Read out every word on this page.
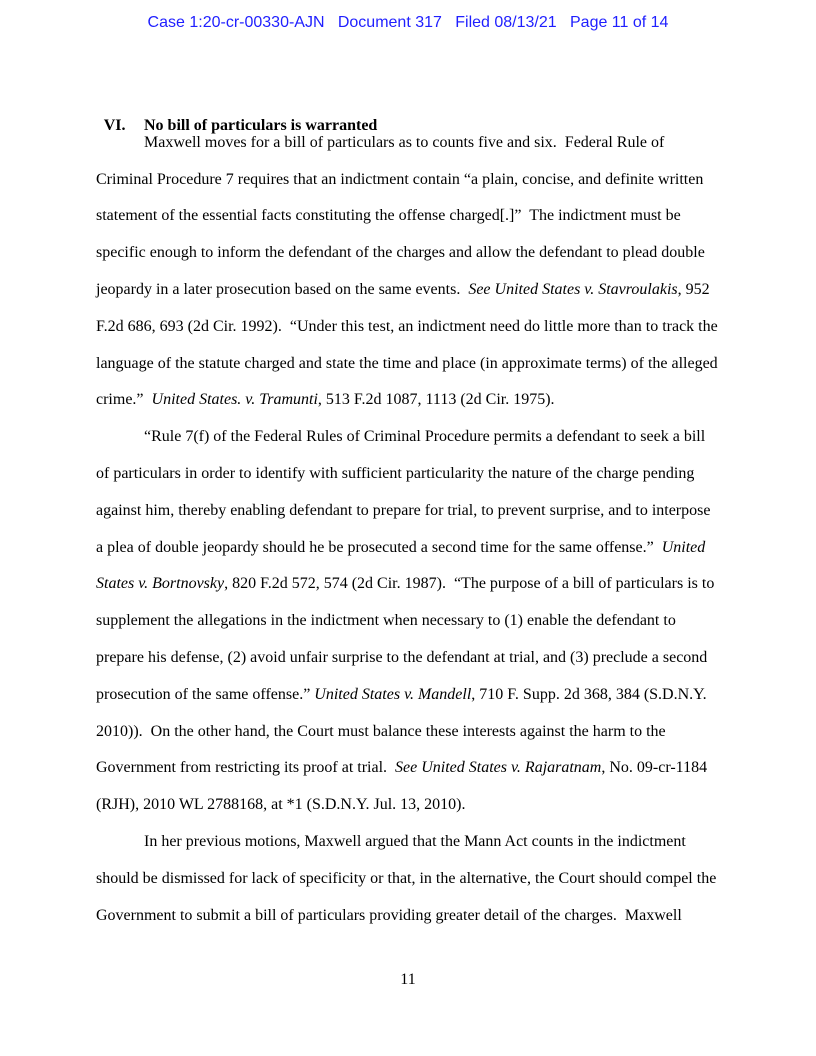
Case 1:20-cr-00330-AJN   Document 317   Filed 08/13/21   Page 11 of 14

VI. No bill of particulars is warranted

Maxwell moves for a bill of particulars as to counts five and six.  Federal Rule of
Criminal Procedure 7 requires that an indictment contain “a plain, concise, and definite written
statement of the essential facts constituting the offense charged[.]”  The indictment must be
specific enough to inform the defendant of the charges and allow the defendant to plead double
jeopardy in a later prosecution based on the same events.  See United States v. Stavroulakis, 952
F.2d 686, 693 (2d Cir. 1992).  “Under this test, an indictment need do little more than to track the
language of the statute charged and state the time and place (in approximate terms) of the alleged
crime.”  United States. v. Tramunti, 513 F.2d 1087, 1113 (2d Cir. 1975).
“Rule 7(f) of the Federal Rules of Criminal Procedure permits a defendant to seek a bill
of particulars in order to identify with sufficient particularity the nature of the charge pending
against him, thereby enabling defendant to prepare for trial, to prevent surprise, and to interpose
a plea of double jeopardy should he be prosecuted a second time for the same offense.”  United
States v. Bortnovsky, 820 F.2d 572, 574 (2d Cir. 1987).  “The purpose of a bill of particulars is to
supplement the allegations in the indictment when necessary to (1) enable the defendant to
prepare his defense, (2) avoid unfair surprise to the defendant at trial, and (3) preclude a second
prosecution of the same offense.” United States v. Mandell, 710 F. Supp. 2d 368, 384 (S.D.N.Y.
2010)).  On the other hand, the Court must balance these interests against the harm to the
Government from restricting its proof at trial.  See United States v. Rajaratnam, No. 09-cr-1184
(RJH), 2010 WL 2788168, at *1 (S.D.N.Y. Jul. 13, 2010).
In her previous motions, Maxwell argued that the Mann Act counts in the indictment
should be dismissed for lack of specificity or that, in the alternative, the Court should compel the
Government to submit a bill of particulars providing greater detail of the charges.  Maxwell
11
